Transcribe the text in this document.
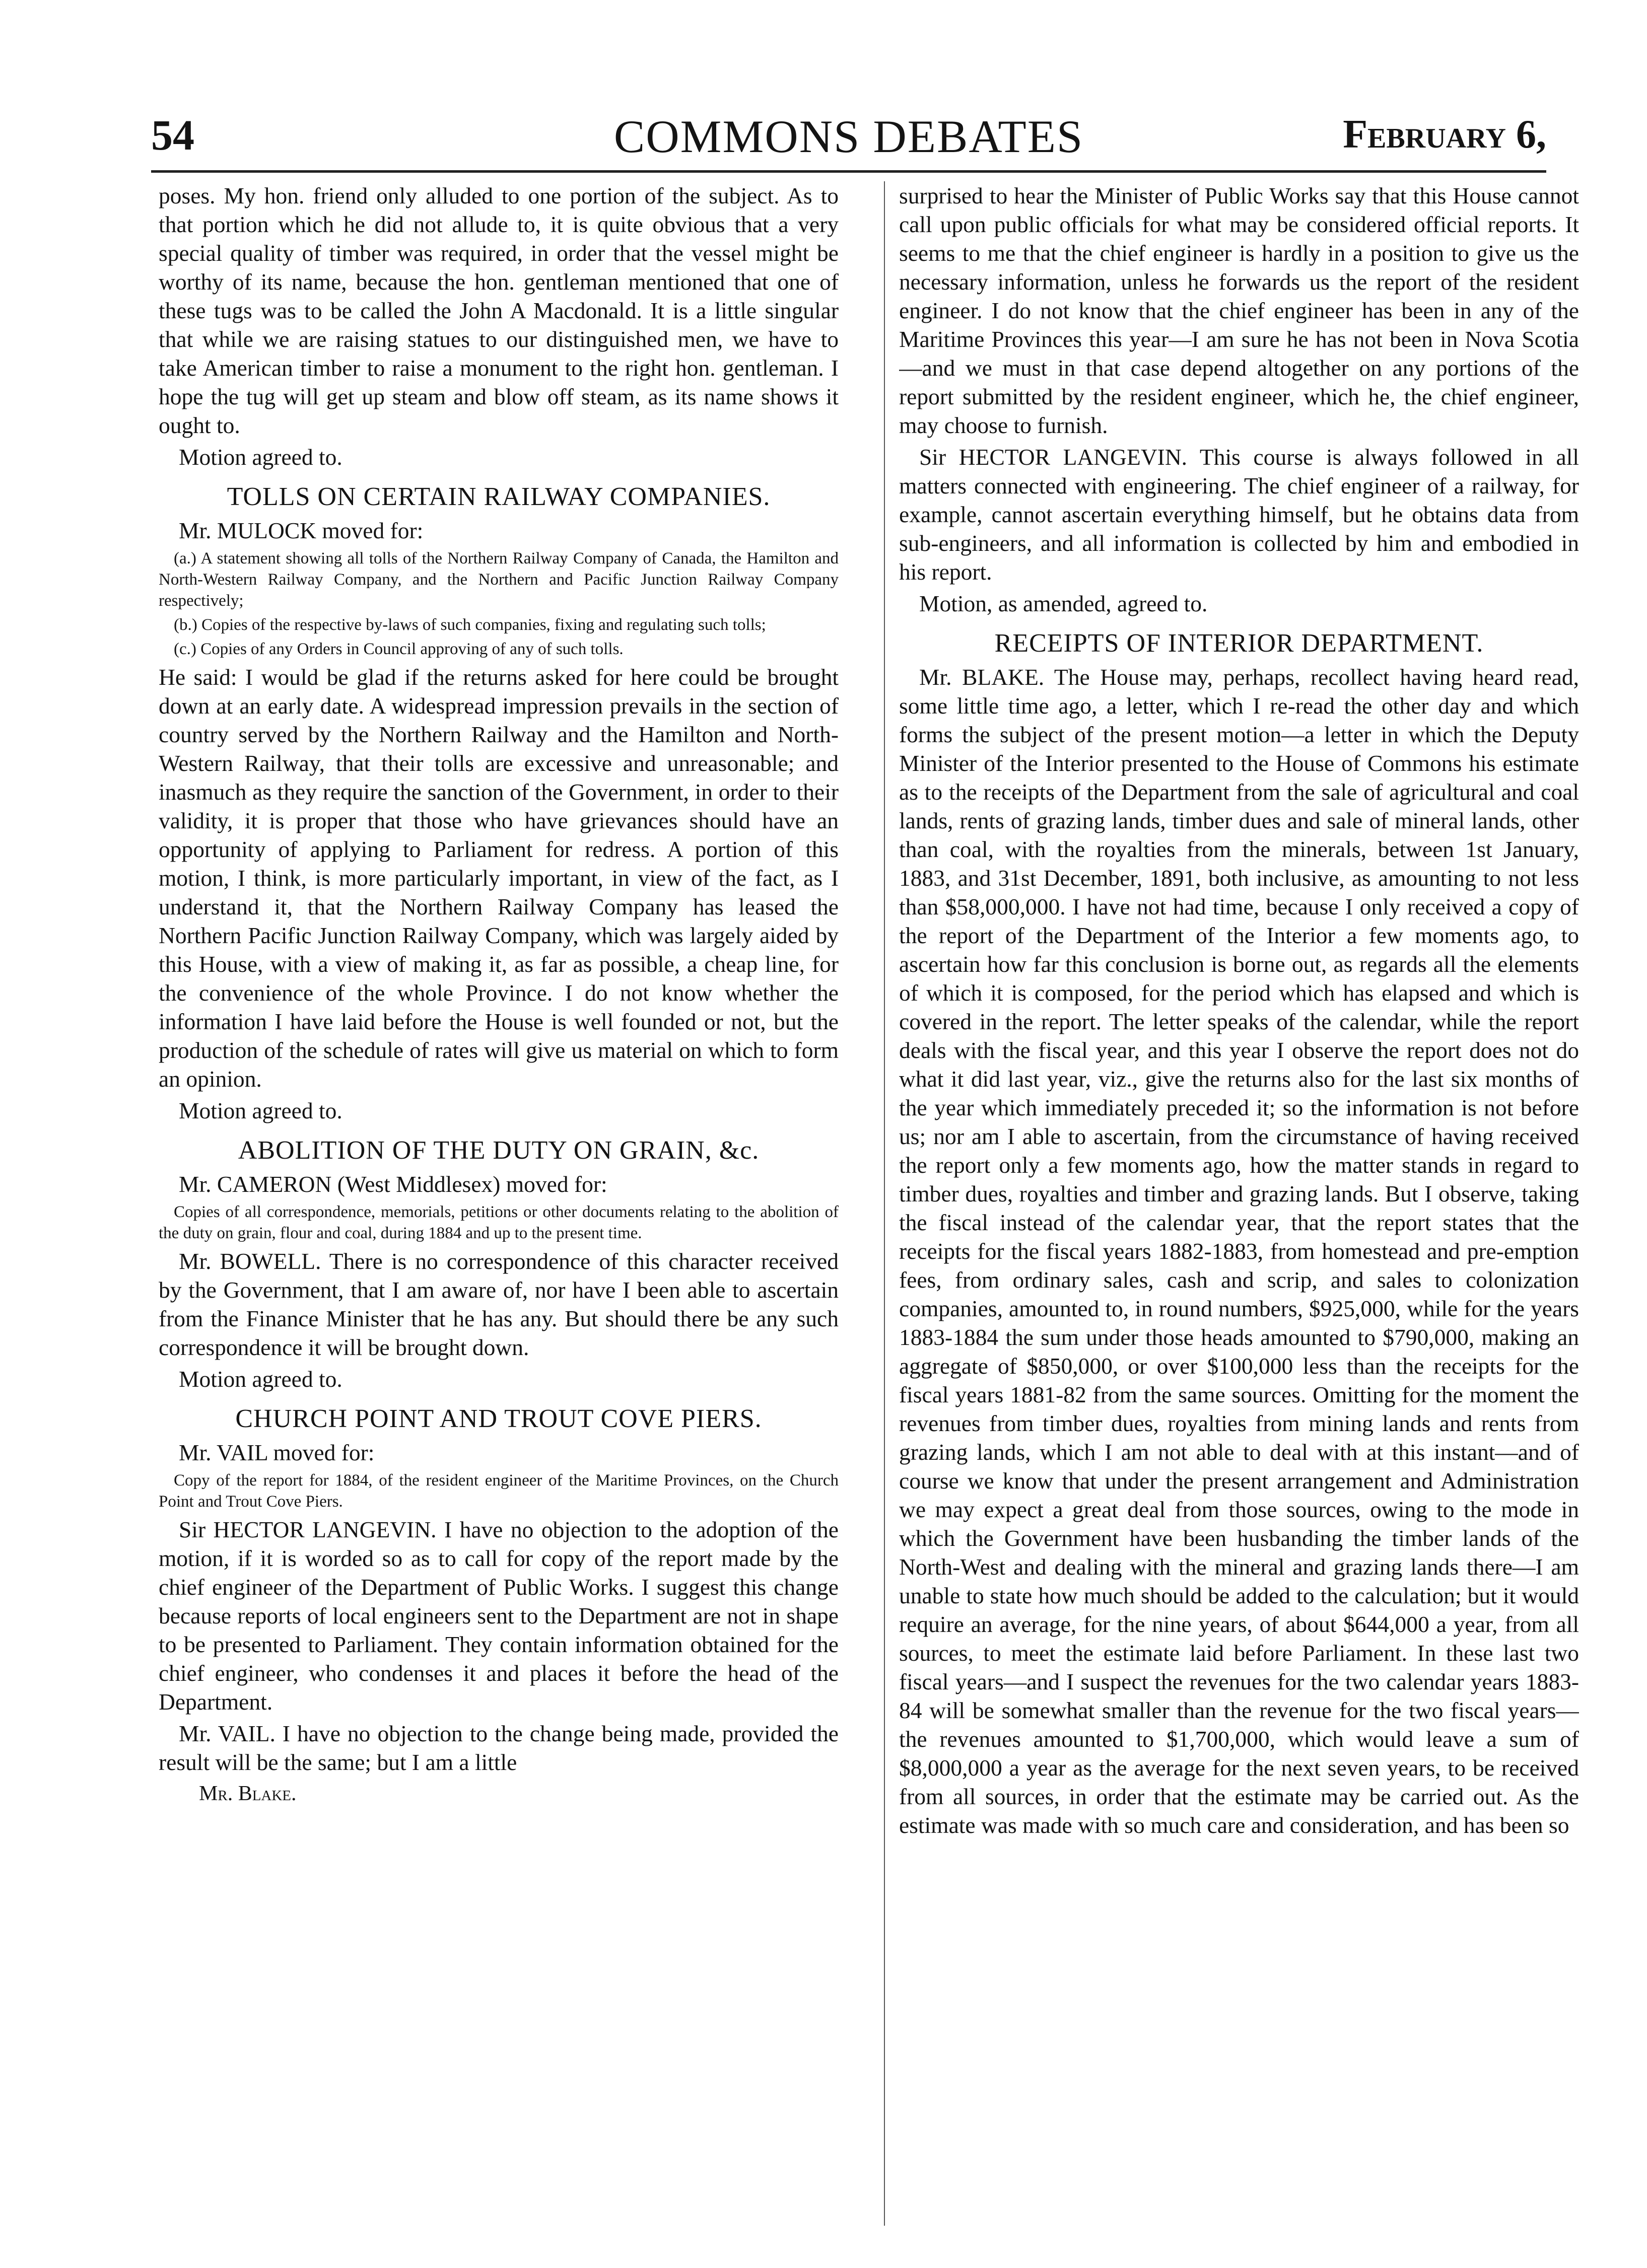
54	COMMONS DEBATES	February 6,

poses. My hon. friend only alluded to one portion of the subject. As to that portion which he did not allude to, it is quite obvious that a very special quality of timber was required, in order that the vessel might be worthy of its name, because the hon. gentleman mentioned that one of these tugs was to be called the John A Macdonald. It is a little singular that while we are raising statues to our distinguished men, we have to take American timber to raise a monument to the right hon. gentleman. I hope the tug will get up steam and blow off steam, as its name shows it ought to.

Motion agreed to.

TOLLS ON CERTAIN RAILWAY COMPANIES.

Mr. MULOCK moved for:

(a.) A statement showing all tolls of the Northern Railway Company of Canada, the Hamilton and North-Western Railway Company, and the Northern and Pacific Junction Railway Company respectively;

(b.) Copies of the respective by-laws of such companies, fixing and regulating such tolls;

(c.) Copies of any Orders in Council approving of any of such tolls.

He said: I would be glad if the returns asked for here could be brought down at an early date. A widespread impression prevails in the section of country served by the Northern Railway and the Hamilton and North-Western Railway, that their tolls are excessive and unreasonable; and inasmuch as they require the sanction of the Government, in order to their validity, it is proper that those who have grievances should have an opportunity of applying to Parliament for redress. A portion of this motion, I think, is more particularly important, in view of the fact, as I understand it, that the Northern Railway Company has leased the Northern Pacific Junction Railway Company, which was largely aided by this House, with a view of making it, as far as possible, a cheap line, for the convenience of the whole Province. I do not know whether the information I have laid before the House is well founded or not, but the production of the schedule of rates will give us material on which to form an opinion.

Motion agreed to.

ABOLITION OF THE DUTY ON GRAIN, &c.

Mr. CAMERON (West Middlesex) moved for:

Copies of all correspondence, memorials, petitions or other documents relating to the abolition of the duty on grain, flour and coal, during 1884 and up to the present time.

Mr. BOWELL. There is no correspondence of this character received by the Government, that I am aware of, nor have I been able to ascertain from the Finance Minister that he has any. But should there be any such correspondence it will be brought down.

Motion agreed to.

CHURCH POINT AND TROUT COVE PIERS.

Mr. VAIL moved for:

Copy of the report for 1884, of the resident engineer of the Maritime Provinces, on the Church Point and Trout Cove Piers.

Sir HECTOR LANGEVIN. I have no objection to the adoption of the motion, if it is worded so as to call for copy of the report made by the chief engineer of the Department of Public Works. I suggest this change because reports of local engineers sent to the Department are not in shape to be presented to Parliament. They contain information obtained for the chief engineer, who condenses it and places it before the head of the Department.

Mr. VAIL. I have no objection to the change being made, provided the result will be the same; but I am a little

Mr. Blake.

surprised to hear the Minister of Public Works say that this House cannot call upon public officials for what may be considered official reports. It seems to me that the chief engineer is hardly in a position to give us the necessary information, unless he forwards us the report of the resident engineer. I do not know that the chief engineer has been in any of the Maritime Provinces this year—I am sure he has not been in Nova Scotia—and we must in that case depend altogether on any portions of the report submitted by the resident engineer, which he, the chief engineer, may choose to furnish.

Sir HECTOR LANGEVIN. This course is always followed in all matters connected with engineering. The chief engineer of a railway, for example, cannot ascertain everything himself, but he obtains data from sub-engineers, and all information is collected by him and embodied in his report.

Motion, as amended, agreed to.

RECEIPTS OF INTERIOR DEPARTMENT.

Mr. BLAKE. The House may, perhaps, recollect having heard read, some little time ago, a letter, which I re-read the other day and which forms the subject of the present motion—a letter in which the Deputy Minister of the Interior presented to the House of Commons his estimate as to the receipts of the Department from the sale of agricultural and coal lands, rents of grazing lands, timber dues and sale of mineral lands, other than coal, with the royalties from the minerals, between 1st January, 1883, and 31st December, 1891, both inclusive, as amounting to not less than $58,000,000. I have not had time, because I only received a copy of the report of the Department of the Interior a few moments ago, to ascertain how far this conclusion is borne out, as regards all the elements of which it is composed, for the period which has elapsed and which is covered in the report. The letter speaks of the calendar, while the report deals with the fiscal year, and this year I observe the report does not do what it did last year, viz., give the returns also for the last six months of the year which immediately preceded it; so the information is not before us; nor am I able to ascertain, from the circumstance of having received the report only a few moments ago, how the matter stands in regard to timber dues, royalties and timber and grazing lands. But I observe, taking the fiscal instead of the calendar year, that the report states that the receipts for the fiscal years 1882-1883, from homestead and pre-emption fees, from ordinary sales, cash and scrip, and sales to colonization companies, amounted to, in round numbers, $925,000, while for the years 1883-1884 the sum under those heads amounted to $790,000, making an aggregate of $850,000, or over $100,000 less than the receipts for the fiscal years 1881-82 from the same sources. Omitting for the moment the revenues from timber dues, royalties from mining lands and rents from grazing lands, which I am not able to deal with at this instant—and of course we know that under the present arrangement and Administration we may expect a great deal from those sources, owing to the mode in which the Government have been husbanding the timber lands of the North-West and dealing with the mineral and grazing lands there—I am unable to state how much should be added to the calculation; but it would require an average, for the nine years, of about $644,000 a year, from all sources, to meet the estimate laid before Parliament. In these last two fiscal years—and I suspect the revenues for the two calendar years 1883-84 will be somewhat smaller than the revenue for the two fiscal years—the revenues amounted to $1,700,000, which would leave a sum of $8,000,000 a year as the average for the next seven years, to be received from all sources, in order that the estimate may be carried out. As the estimate was made with so much care and consideration, and has been so
